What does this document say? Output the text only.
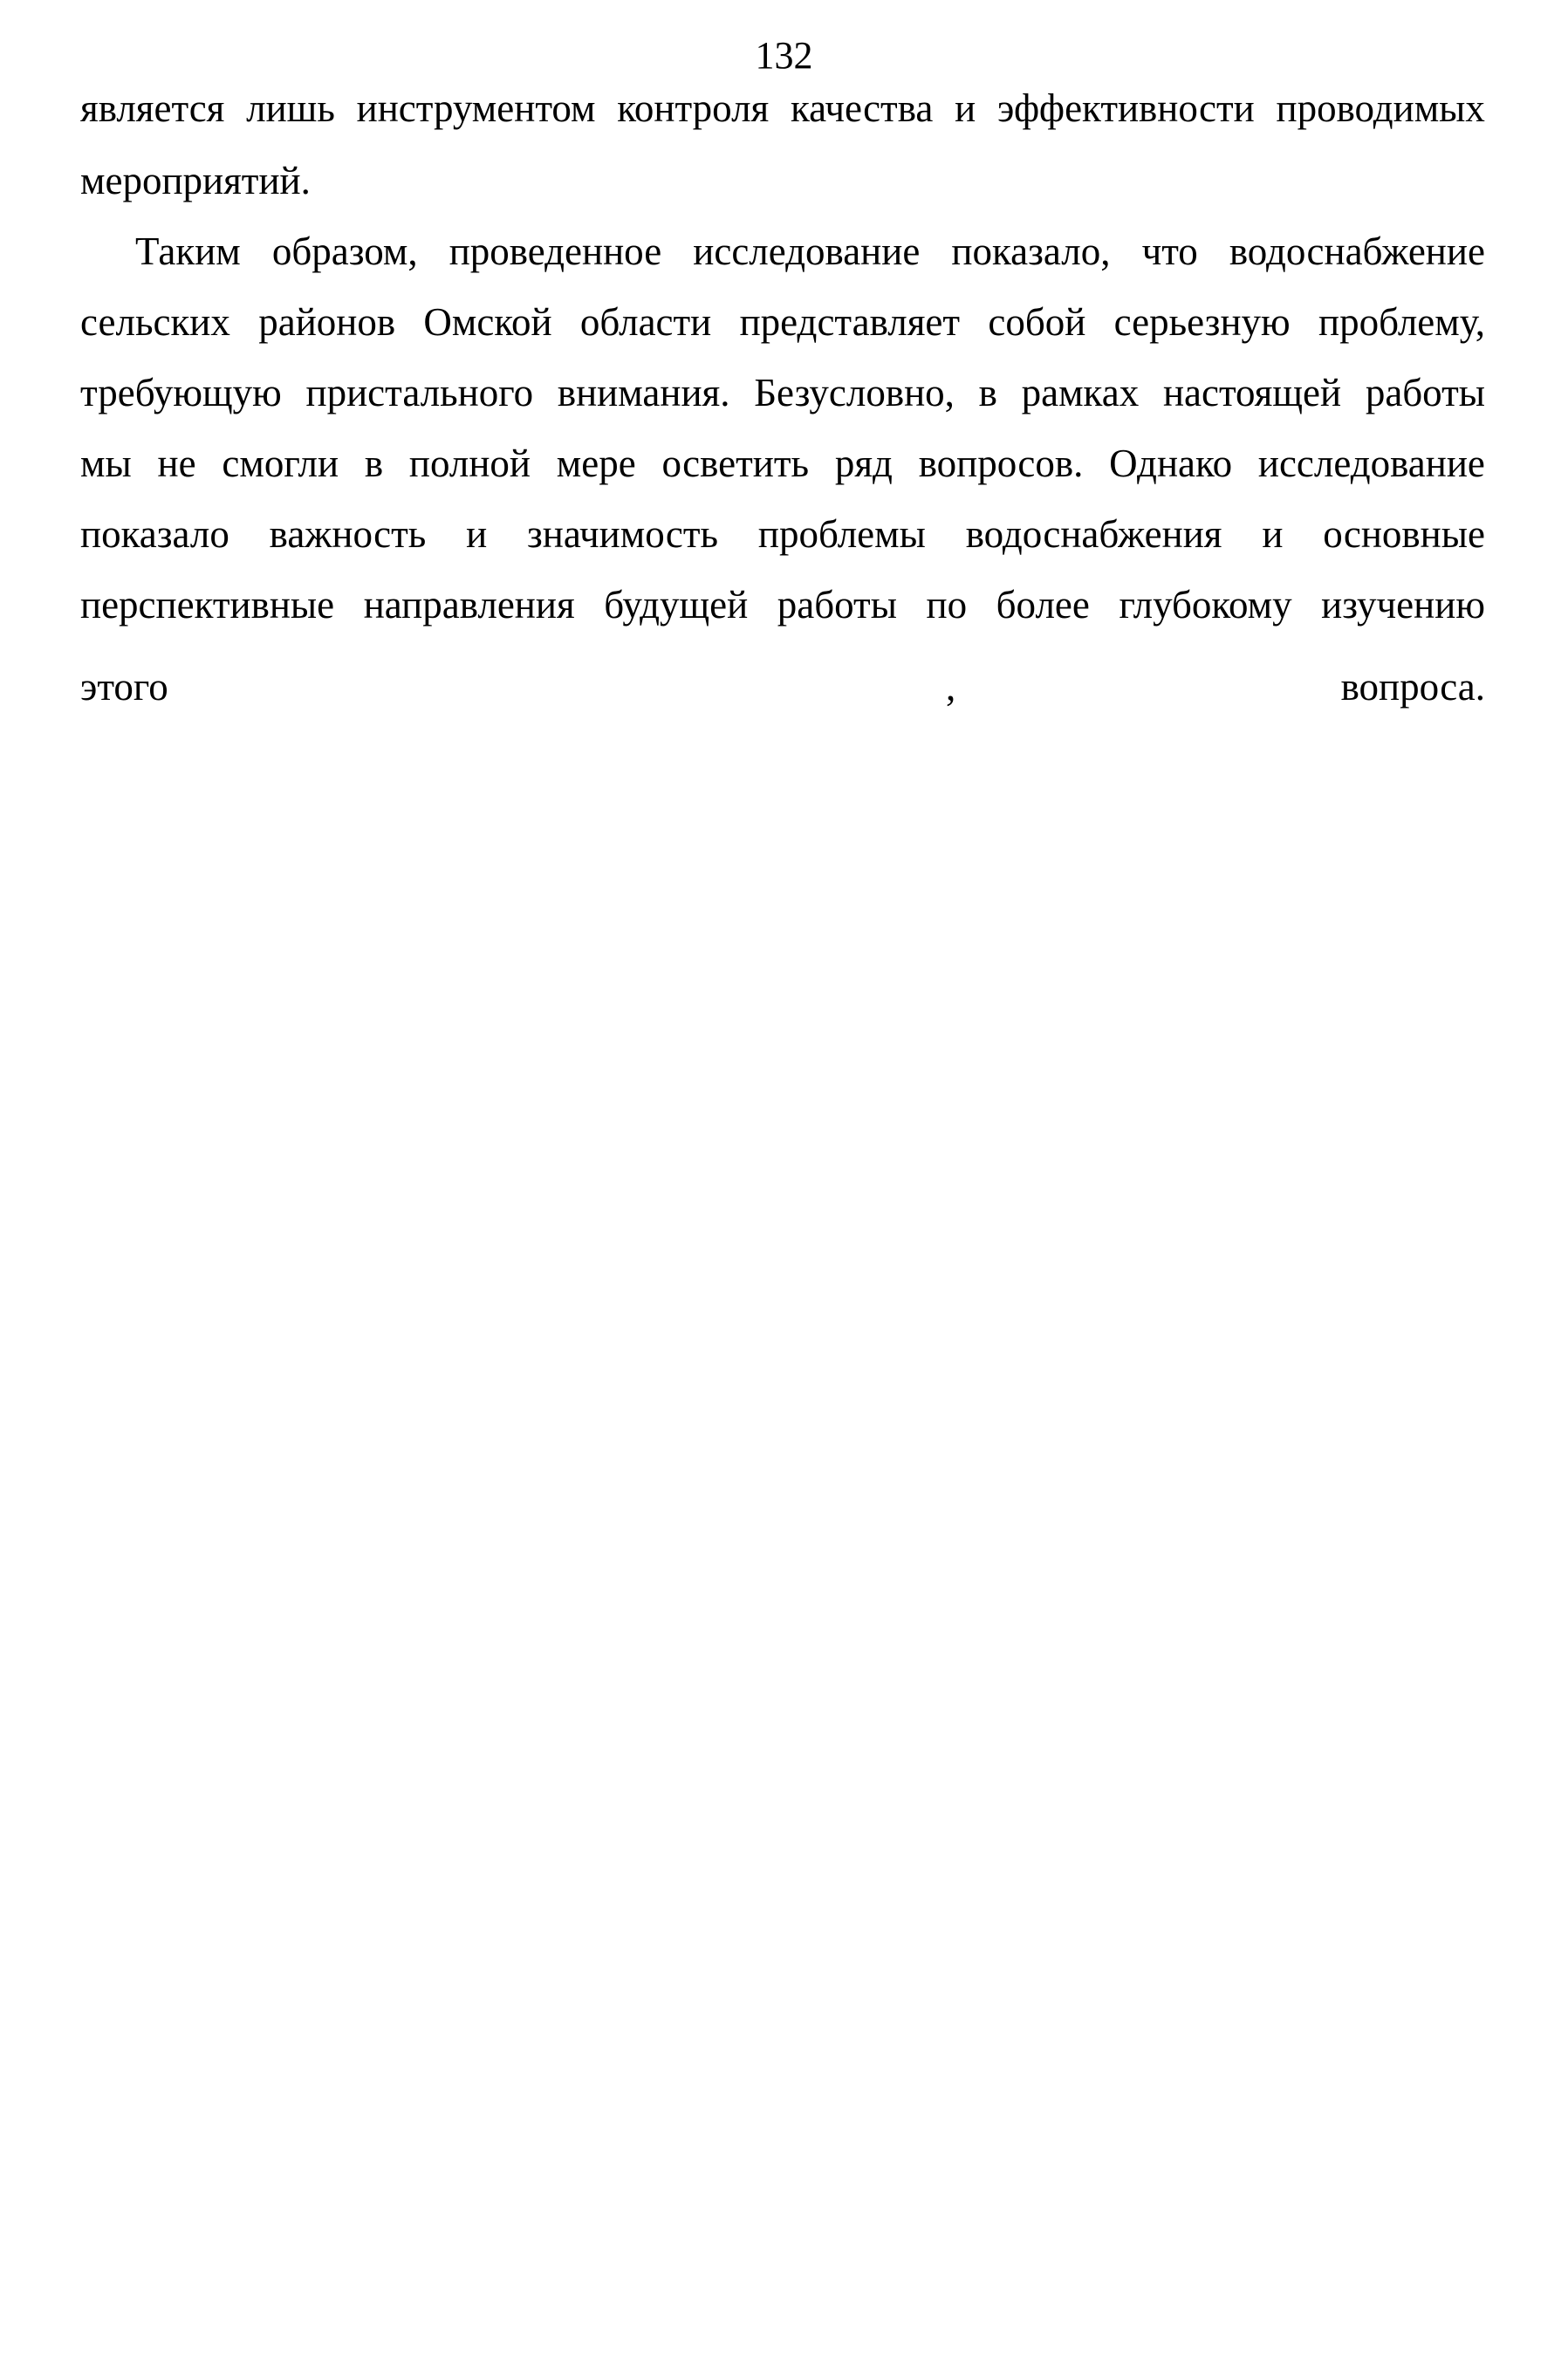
132
является лишь инструментом контроля качества и эффективности проводимых
мероприятий.
Таким образом, проведенное исследование показало, что водоснабжение
сельских районов Омской области представляет собой серьезную проблему,
требующую пристального внимания. Безусловно, в рамках настоящей работы
мы не смогли в полной мере осветить ряд вопросов. Однако исследование
показало важность и значимость проблемы водоснабжения и основные
перспективные направления будущей работы по более глубокому изучению
этого	,	вопроса.
